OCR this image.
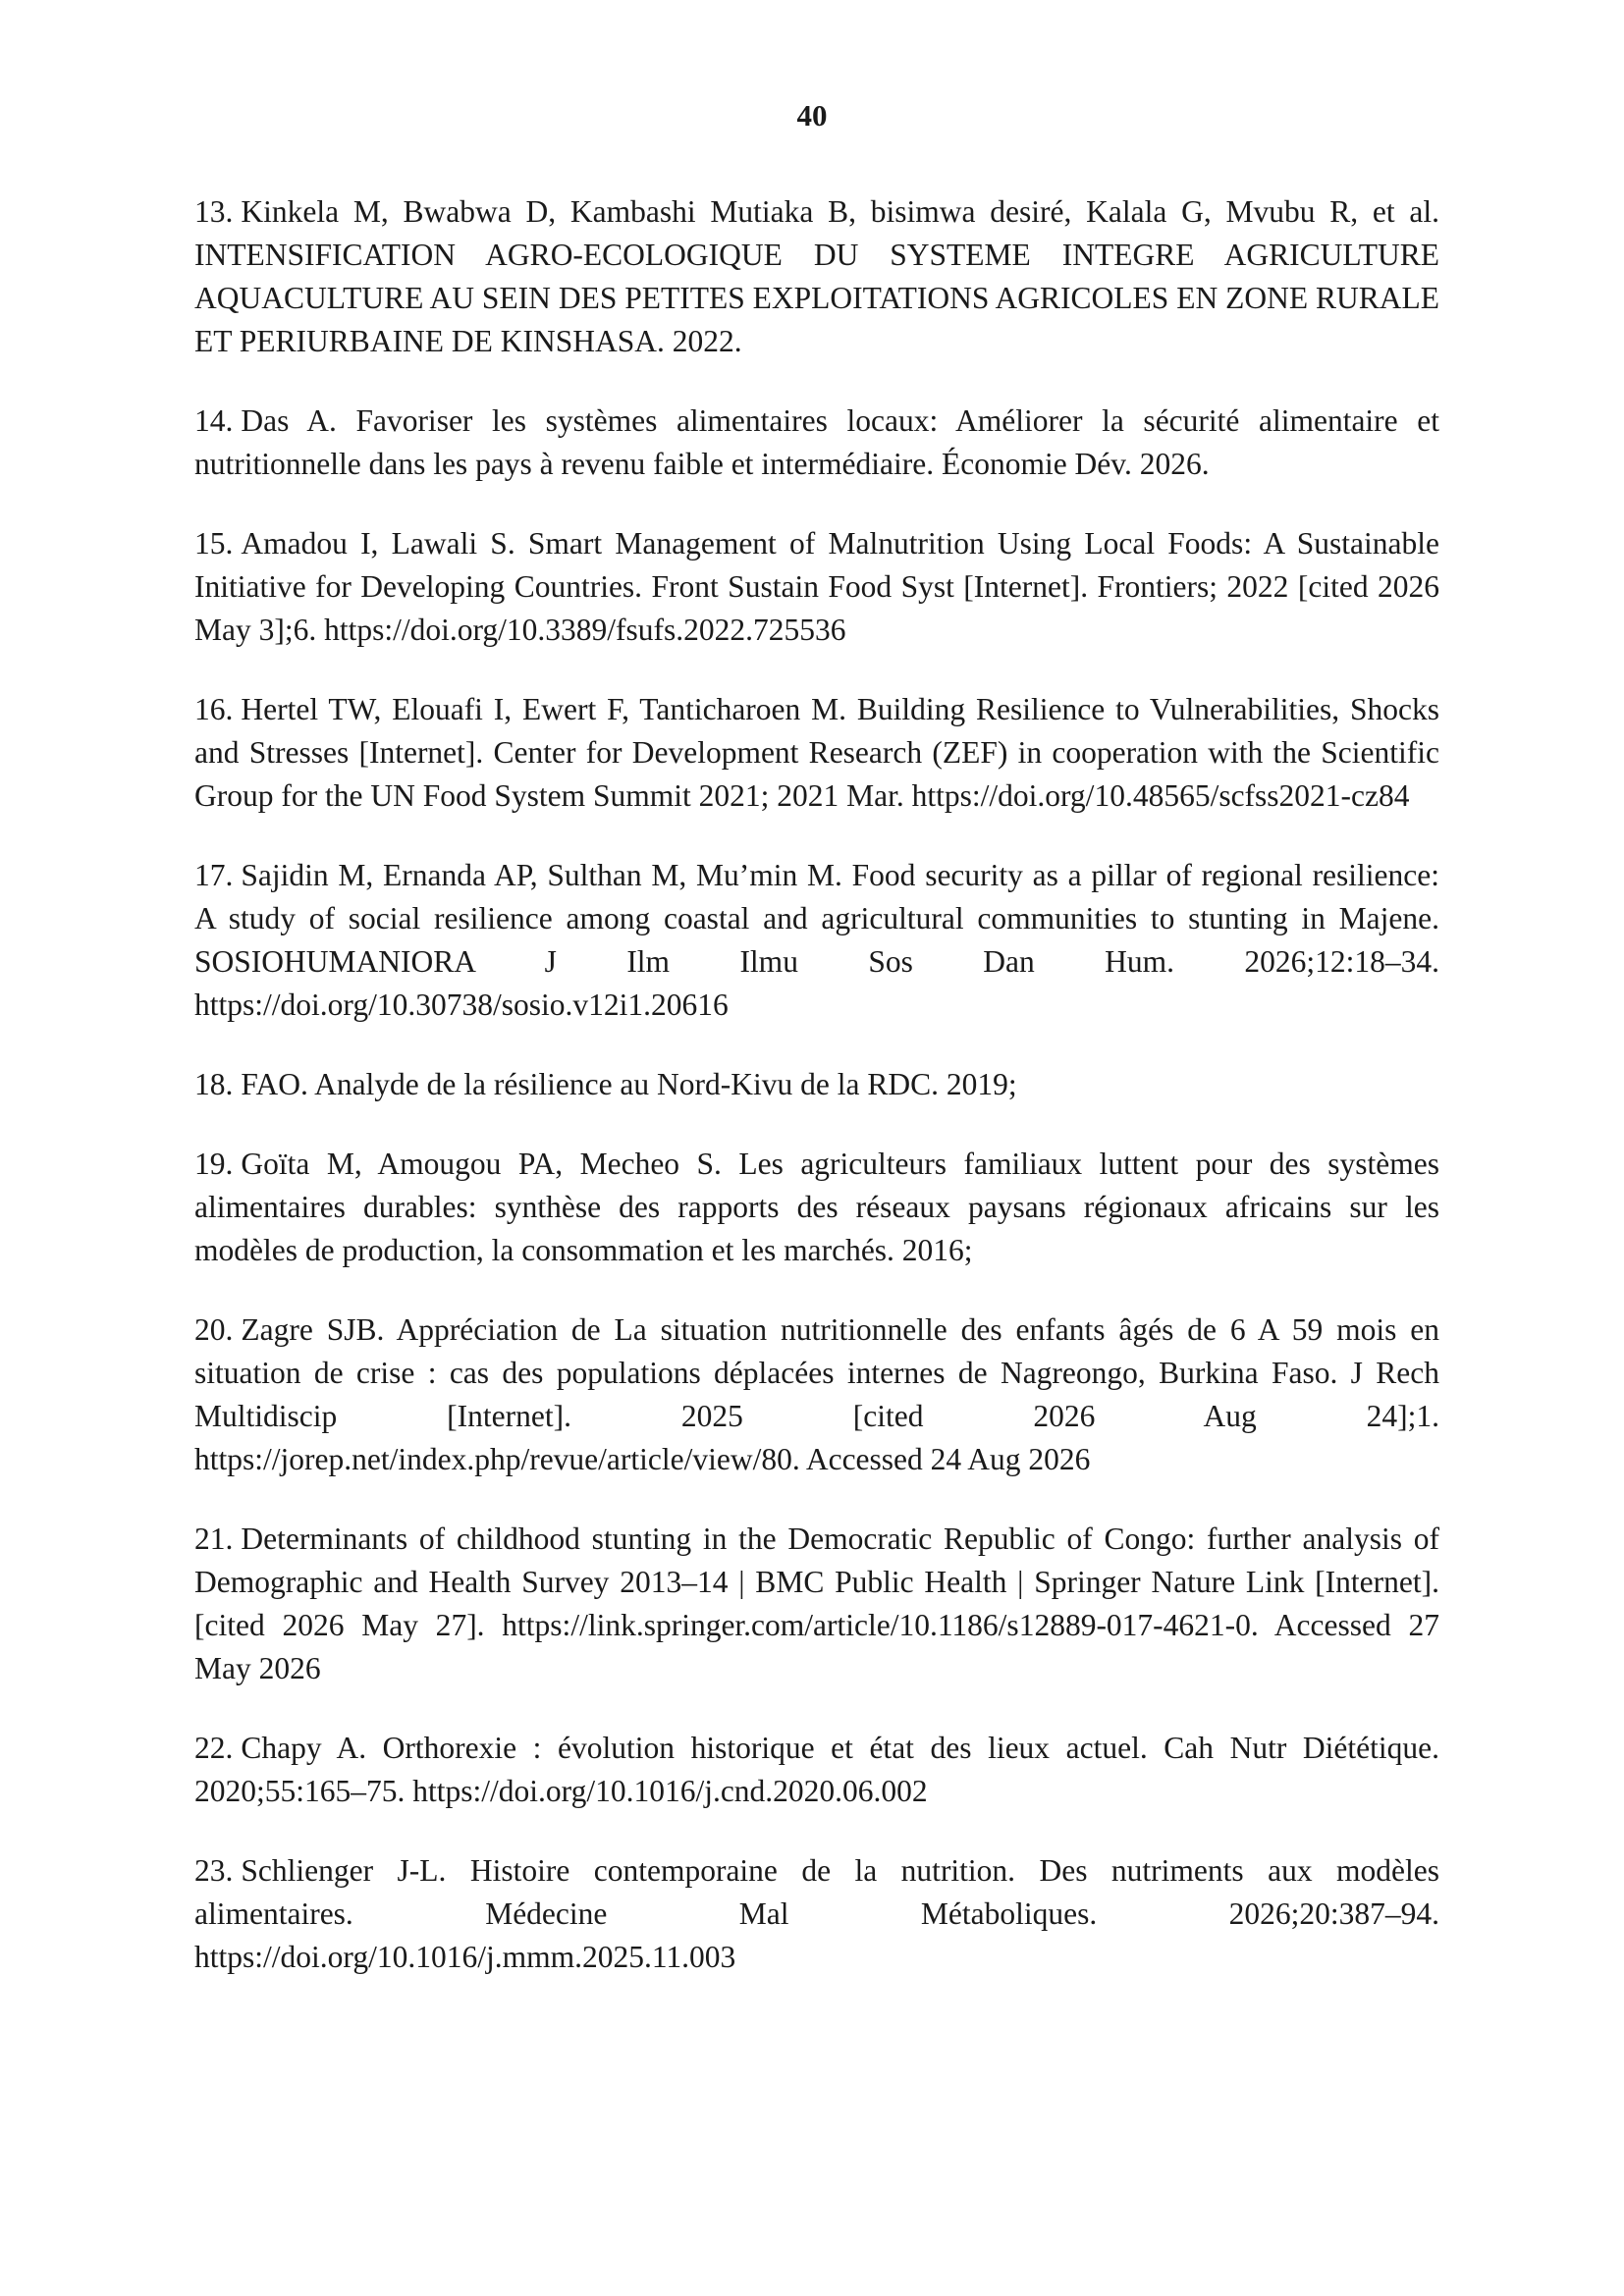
40

13. Kinkela M, Bwabwa D, Kambashi Mutiaka B, bisimwa desiré, Kalala G, Mvubu R, et al. INTENSIFICATION AGRO-ECOLOGIQUE DU SYSTEME INTEGRE AGRICULTURE AQUACULTURE AU SEIN DES PETITES EXPLOITATIONS AGRICOLES EN ZONE RURALE ET PERIURBAINE DE KINSHASA. 2022.

14. Das A. Favoriser les systèmes alimentaires locaux: Améliorer la sécurité alimentaire et nutritionnelle dans les pays à revenu faible et intermédiaire. Économie Dév. 2026.

15. Amadou I, Lawali S. Smart Management of Malnutrition Using Local Foods: A Sustainable Initiative for Developing Countries. Front Sustain Food Syst [Internet]. Frontiers; 2022 [cited 2026 May 3];6. https://doi.org/10.3389/fsufs.2022.725536

16. Hertel TW, Elouafi I, Ewert F, Tanticharoen M. Building Resilience to Vulnerabilities, Shocks and Stresses [Internet]. Center for Development Research (ZEF) in cooperation with the Scientific Group for the UN Food System Summit 2021; 2021 Mar. https://doi.org/10.48565/scfss2021-cz84

17. Sajidin M, Ernanda AP, Sulthan M, Mu’min M. Food security as a pillar of regional resilience: A study of social resilience among coastal and agricultural communities to stunting in Majene. SOSIOHUMANIORA J Ilm Ilmu Sos Dan Hum. 2026;12:18–34. https://doi.org/10.30738/sosio.v12i1.20616

18. FAO. Analyde de la résilience au Nord-Kivu de la RDC. 2019;

19. Goïta M, Amougou PA, Mecheo S. Les agriculteurs familiaux luttent pour des systèmes alimentaires durables: synthèse des rapports des réseaux paysans régionaux africains sur les modèles de production, la consommation et les marchés. 2016;

20. Zagre SJB. Appréciation de La situation nutritionnelle des enfants âgés de 6 A 59 mois en situation de crise : cas des populations déplacées internes de Nagreongo, Burkina Faso. J Rech Multidiscip [Internet]. 2025 [cited 2026 Aug 24];1. https://jorep.net/index.php/revue/article/view/80. Accessed 24 Aug 2026

21. Determinants of childhood stunting in the Democratic Republic of Congo: further analysis of Demographic and Health Survey 2013–14 | BMC Public Health | Springer Nature Link [Internet]. [cited 2026 May 27]. https://link.springer.com/article/10.1186/s12889-017-4621-0. Accessed 27 May 2026

22. Chapy A. Orthorexie : évolution historique et état des lieux actuel. Cah Nutr Diététique. 2020;55:165–75. https://doi.org/10.1016/j.cnd.2020.06.002

23. Schlienger J-L. Histoire contemporaine de la nutrition. Des nutriments aux modèles alimentaires. Médecine Mal Métaboliques. 2026;20:387–94. https://doi.org/10.1016/j.mmm.2025.11.003
